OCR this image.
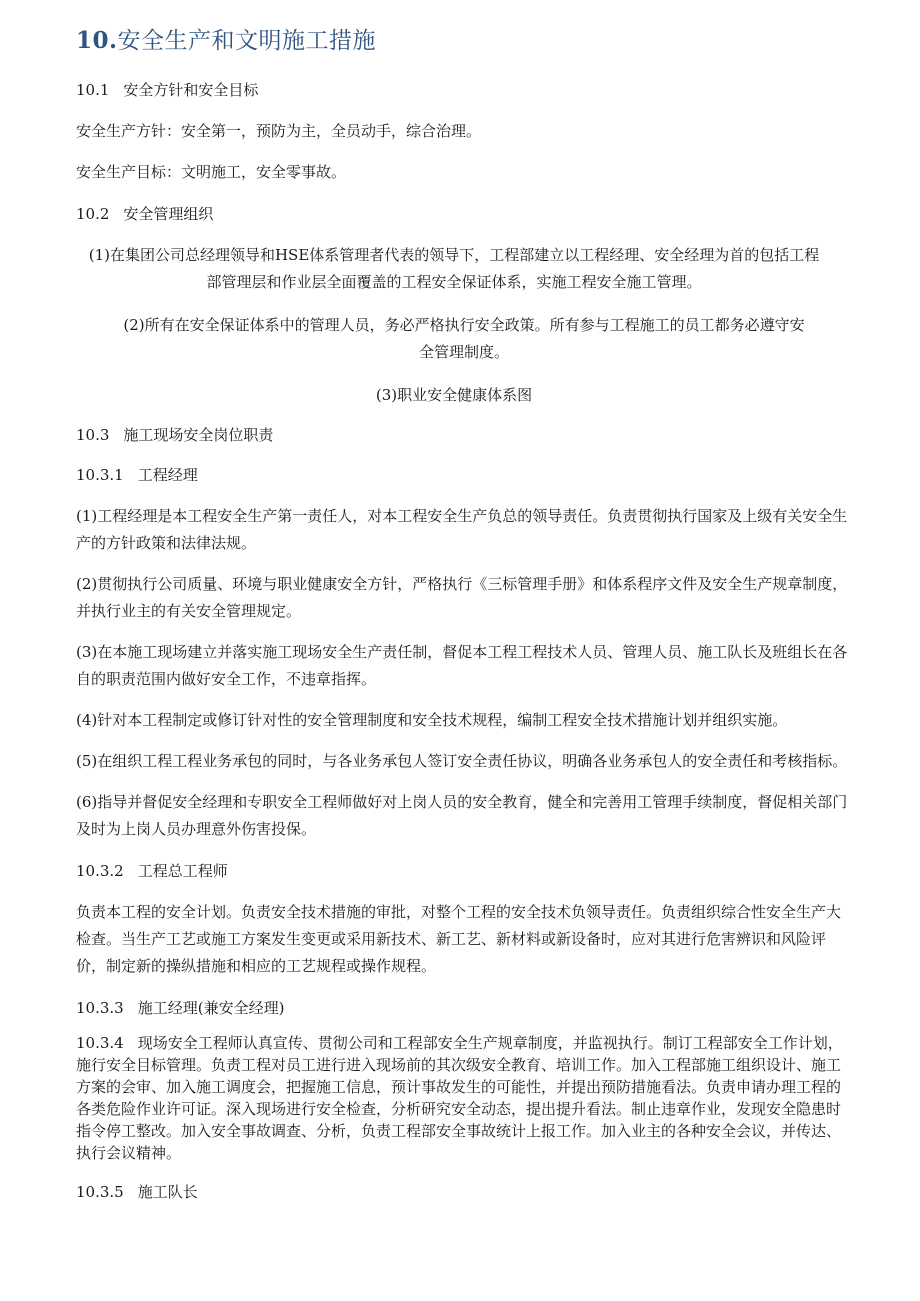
10.安全生产和文明施工措施
10.1 安全方针和安全目标
安全生产方针：安全第一，预防为主，全员动手，综合治理。
安全生产目标：文明施工，安全零事故。
10.2 安全管理组织
(1)在集团公司总经理领导和HSE体系管理者代表的领导下，工程部建立以工程经理、安全经理为首的包括工程部管理层和作业层全面覆盖的工程安全保证体系，实施工程安全施工管理。
(2)所有在安全保证体系中的管理人员，务必严格执行安全政策。所有参与工程施工的员工都务必遵守安全管理制度。
(3)职业安全健康体系图
10.3 施工现场安全岗位职责
10.3.1 工程经理
(1)工程经理是本工程安全生产第一责任人，对本工程安全生产负总的领导责任。负责贯彻执行国家及上级有关安全生产的方针政策和法律法规。
(2)贯彻执行公司质量、环境与职业健康安全方针，严格执行《三标管理手册》和体系程序文件及安全生产规章制度，并执行业主的有关安全管理规定。
(3)在本施工现场建立并落实施工现场安全生产责任制，督促本工程工程技术人员、管理人员、施工队长及班组长在各自的职责范围内做好安全工作，不违章指挥。
(4)针对本工程制定或修订针对性的安全管理制度和安全技术规程，编制工程安全技术措施计划并组织实施。
(5)在组织工程工程业务承包的同时，与各业务承包人签订安全责任协议，明确各业务承包人的安全责任和考核指标。
(6)指导并督促安全经理和专职安全工程师做好对上岗人员的安全教育，健全和完善用工管理手续制度，督促相关部门及时为上岗人员办理意外伤害投保。
10.3.2 工程总工程师
负责本工程的安全计划。负责安全技术措施的审批，对整个工程的安全技术负领导责任。负责组织综合性安全生产大检查。当生产工艺或施工方案发生变更或采用新技术、新工艺、新材料或新设备时，应对其进行危害辨识和风险评价，制定新的操纵措施和相应的工艺规程或操作规程。
10.3.3 施工经理(兼安全经理)
10.3.4 现场安全工程师认真宣传、贯彻公司和工程部安全生产规章制度，并监视执行。制订工程部安全工作计划，施行安全目标管理。负责工程对员工进行进入现场前的其次级安全教育、培训工作。加入工程部施工组织设计、施工方案的会审、加入施工调度会，把握施工信息，预计事故发生的可能性，并提出预防措施看法。负责申请办理工程的各类危险作业许可证。深入现场进行安全检查，分析研究安全动态，提出提升看法。制止违章作业，发现安全隐患时指令停工整改。加入安全事故调查、分析，负责工程部安全事故统计上报工作。加入业主的各种安全会议，并传达、执行会议精神。
10.3.5 施工队长
